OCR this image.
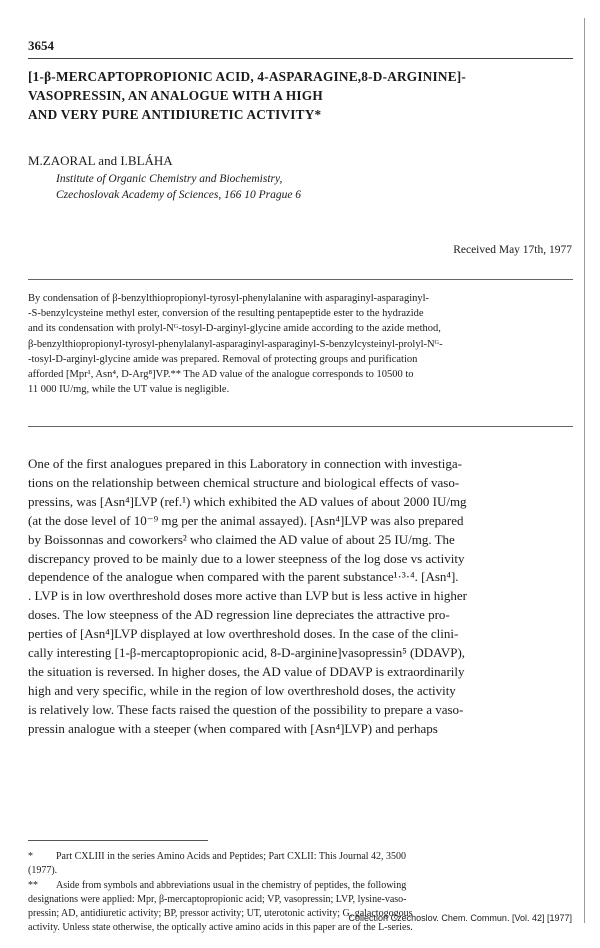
3654
[1-β-MERCAPTOPROPIONIC ACID, 4-ASPARAGINE,8-D-ARGININE]-
VASOPRESSIN, AN ANALOGUE WITH A HIGH
AND VERY PURE ANTIDIURETIC ACTIVITY*
M.ZAORAL and I.BLÁHA
Institute of Organic Chemistry and Biochemistry,
Czechoslovak Academy of Sciences, 166 10 Prague 6
Received May 17th, 1977
By condensation of β-benzylthiopropionyl-tyrosyl-phenylalanine with asparaginyl-asparaginyl-
-S-benzylcysteine methyl ester, conversion of the resulting pentapeptide ester to the hydrazide
and its condensation with prolyl-Nᴳ-tosyl-D-arginyl-glycine amide according to the azide method,
β-benzylthiopropionyl-tyrosyl-phenylalanyl-asparaginyl-asparaginyl-S-benzylcysteinyl-prolyl-Nᴳ-
-tosyl-D-arginyl-glycine amide was prepared. Removal of protecting groups and purification
afforded [Mpr¹, Asn⁴, D-Arg⁸]VP.** The AD value of the analogue corresponds to 10500 to
11 000 IU/mg, while the UT value is negligible.
One of the first analogues prepared in this Laboratory in connection with investiga-
tions on the relationship between chemical structure and biological effects of vaso-
pressins, was [Asn⁴]LVP (ref.¹) which exhibited the AD values of about 2000 IU/mg
(at the dose level of 10⁻⁹ mg per the animal assayed). [Asn⁴]LVP was also prepared
by Boissonnas and coworkers² who claimed the AD value of about 25 IU/mg. The
discrepancy proved to be mainly due to a lower steepness of the log dose vs activity
dependence of the analogue when compared with the parent substance¹·³·⁴. [Asn⁴].
. LVP is in low overthreshold doses more active than LVP but is less active in higher
doses. The low steepness of the AD regression line depreciates the attractive pro-
perties of [Asn⁴]LVP displayed at low overthreshold doses. In the case of the clini-
cally interesting [1-β-mercaptopropionic acid, 8-D-arginine]vasopressin⁵ (DDAVP),
the situation is reversed. In higher doses, the AD value of DDAVP is extraordinarily
high and very specific, while in the region of low overthreshold doses, the activity
is relatively low. These facts raised the question of the possibility to prepare a vaso-
pressin analogue with a steeper (when compared with [Asn⁴]LVP) and perhaps
* Part CXLIII in the series Amino Acids and Peptides; Part CXLII: This Journal 42, 3500
(1977).
** Aside from symbols and abbreviations usual in the chemistry of peptides, the following
designations were applied: Mpr, β-mercaptopropionic acid; VP, vasopressin; LVP, lysine-vaso-
pressin; AD, antidiuretic activity; BP, pressor activity; UT, uterotonic activity; G, galactogogous
activity. Unless state otherwise, the optically active amino acids in this paper are of the L-series.
Collection Czechoslov. Chem. Commun. [Vol. 42] [1977]
